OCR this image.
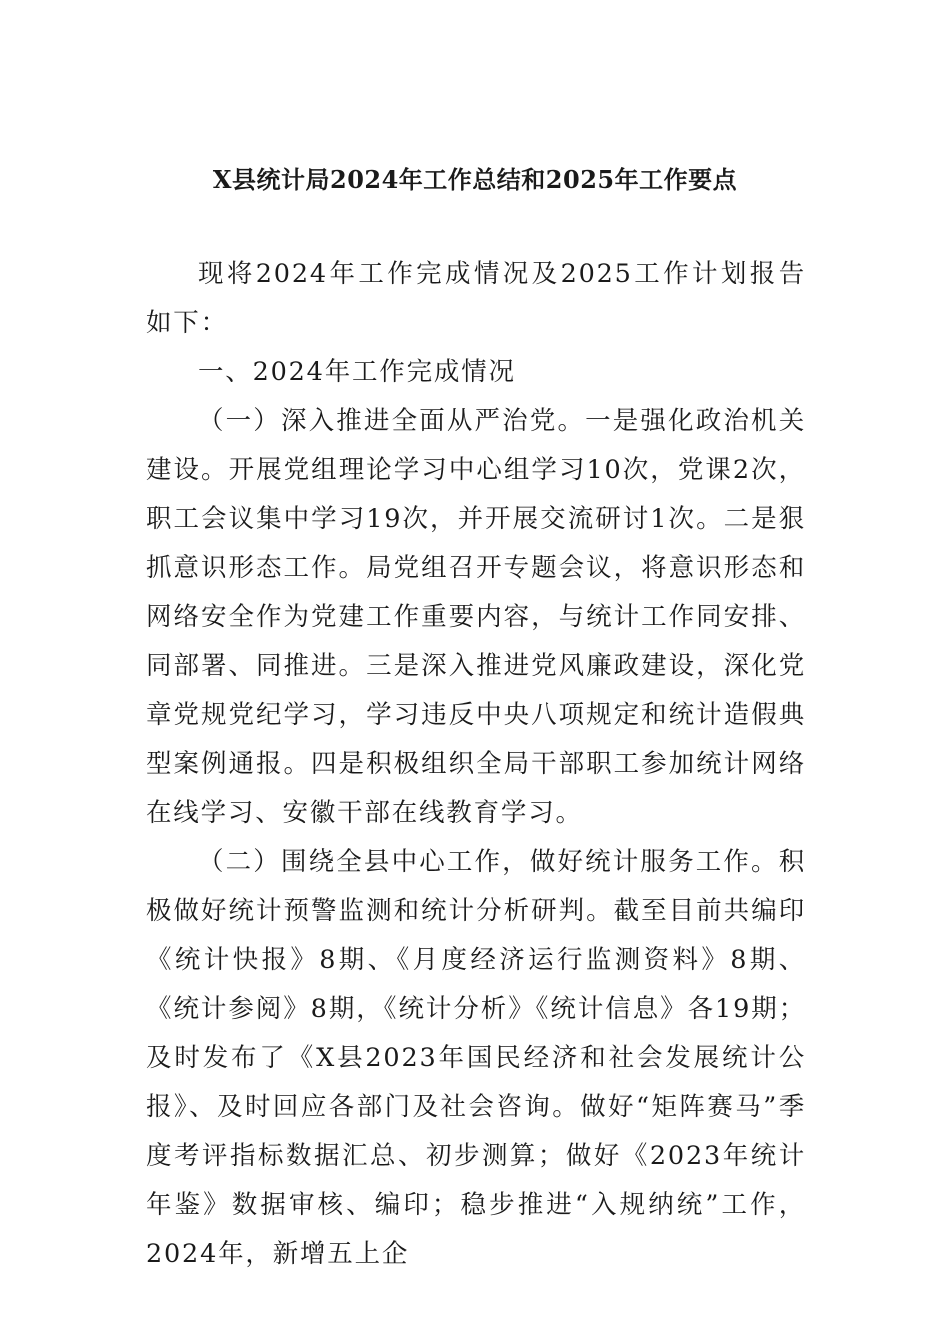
X县统计局2024年工作总结和2025年工作要点

现将2024年工作完成情况及2025工作计划报告如下：

一、2024年工作完成情况

（一）深入推进全面从严治党。一是强化政治机关建设。开展党组理论学习中心组学习10次，党课2次，职工会议集中学习19次，并开展交流研讨1次。二是狠抓意识形态工作。局党组召开专题会议，将意识形态和网络安全作为党建工作重要内容，与统计工作同安排、同部署、同推进。三是深入推进党风廉政建设，深化党章党规党纪学习，学习违反中央八项规定和统计造假典型案例通报。四是积极组织全局干部职工参加统计网络在线学习、安徽干部在线教育学习。

（二）围绕全县中心工作，做好统计服务工作。积极做好统计预警监测和统计分析研判。截至目前共编印《统计快报》8期、《月度经济运行监测资料》8期、《统计参阅》8期，《统计分析》《统计信息》各19期；及时发布了《X县2023年国民经济和社会发展统计公报》、及时回应各部门及社会咨询。做好“矩阵赛马”季度考评指标数据汇总、初步测算；做好《2023年统计年鉴》数据审核、编印；稳步推进“入规纳统”工作，2024年，新增五上企
